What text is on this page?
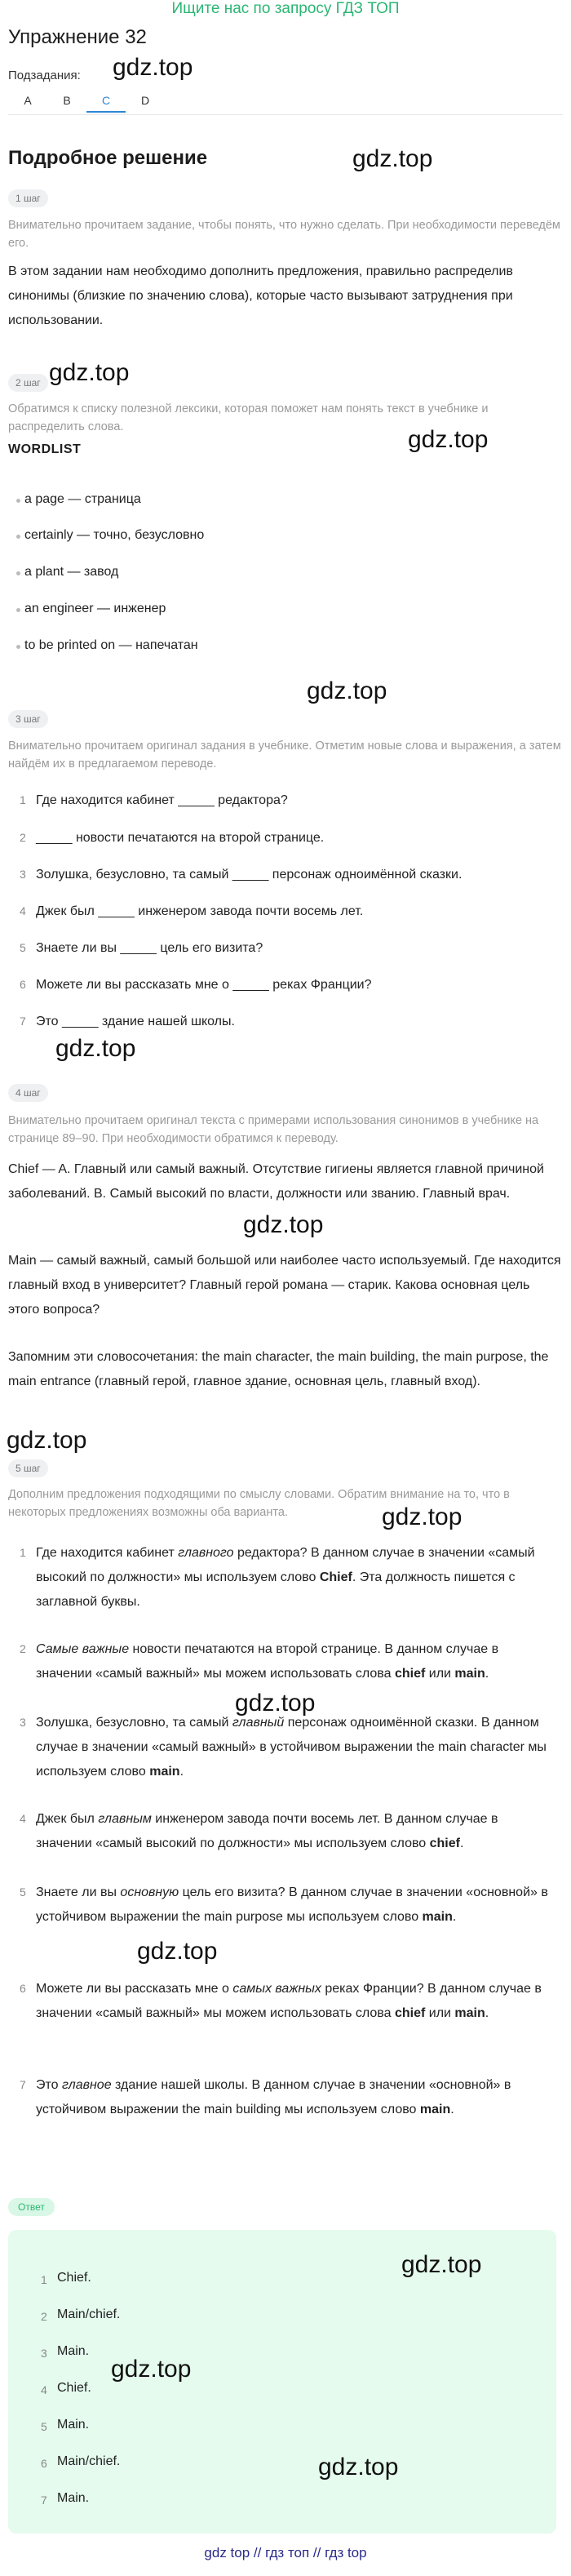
Ищите нас по запросу ГДЗ ТОП
Упражнение 32
Подзадания: gdz.top
A	B	C	D
Подробное решение	gdz.top
1 шаг
Внимательно прочитаем задание, чтобы понять, что нужно сделать. При необходимости переведём его.
В этом задании нам необходимо дополнить предложения, правильно распределив синонимы (близкие по значению слова), которые часто вызывают затруднения при использовании.
gdz.top
2 шаг
Обратимся к списку полезной лексики, которая поможет нам понять текст в учебнике и распределить слова.	gdz.top
WORDLIST
a page — страница
certainly — точно, безусловно
a plant — завод
an engineer — инженер
to be printed on — напечатан
gdz.top
3 шаг
Внимательно прочитаем оригинал задания в учебнике. Отметим новые слова и выражения, а затем найдём их в предлагаемом переводе.
1 Где находится кабинет _____ редактора?
2 _____ новости печатаются на второй странице.
3 Золушка, безусловно, та самый _____ персонаж одноимённой сказки.
4 Джек был _____ инженером завода почти восемь лет.
5 Знаете ли вы _____ цель его визита?
6 Можете ли вы рассказать мне о _____ реках Франции?
7 Это _____ здание нашей школы.
gdz.top
4 шаг
Внимательно прочитаем оригинал текста с примерами использования синонимов в учебнике на странице 89–90. При необходимости обратимся к переводу.
Chief — A. Главный или самый важный. Отсутствие гигиены является главной причиной заболеваний. B. Самый высокий по власти, должности или званию. Главный врач.
gdz.top
Main — самый важный, самый большой или наиболее часто используемый. Где находится главный вход в университет? Главный герой романа — старик. Какова основная цель этого вопроса?
Запомним эти словосочетания: the main character, the main building, the main purpose, the main entrance (главный герой, главное здание, основная цель, главный вход).
gdz.top
5 шаг
Дополним предложения подходящими по смыслу словами. Обратим внимание на то, что в некоторых предложениях возможны оба варианта.	gdz.top
1 Где находится кабинет главного редактора? В данном случае в значении «самый высокий по должности» мы используем слово Chief. Эта должность пишется с заглавной буквы.
2 Самые важные новости печатаются на второй странице. В данном случае в значении «самый важный» мы можем использовать слова chief или main.
gdz.top
3 Золушка, безусловно, та самый главный персонаж одноимённой сказки. В данном случае в значении «самый важный» в устойчивом выражении the main character мы используем слово main.
4 Джек был главным инженером завода почти восемь лет. В данном случае в значении «самый высокий по должности» мы используем слово chief.
5 Знаете ли вы основную цель его визита? В данном случае в значении «основной» в устойчивом выражении the main purpose мы используем слово main.
gdz.top
6 Можете ли вы рассказать мне о самых важных реках Франции? В данном случае в значении «самый важный» мы можем использовать слова chief или main.
7 Это главное здание нашей школы. В данном случае в значении «основной» в устойчивом выражении the main building мы используем слово main.
Ответ
gdz.top
1 Chief.
2 Main/chief.
3 Main.
gdz.top
4 Chief.
5 Main.
gdz.top
6 Main/chief.
7 Main.
gdz top // гдз топ // гдз top
